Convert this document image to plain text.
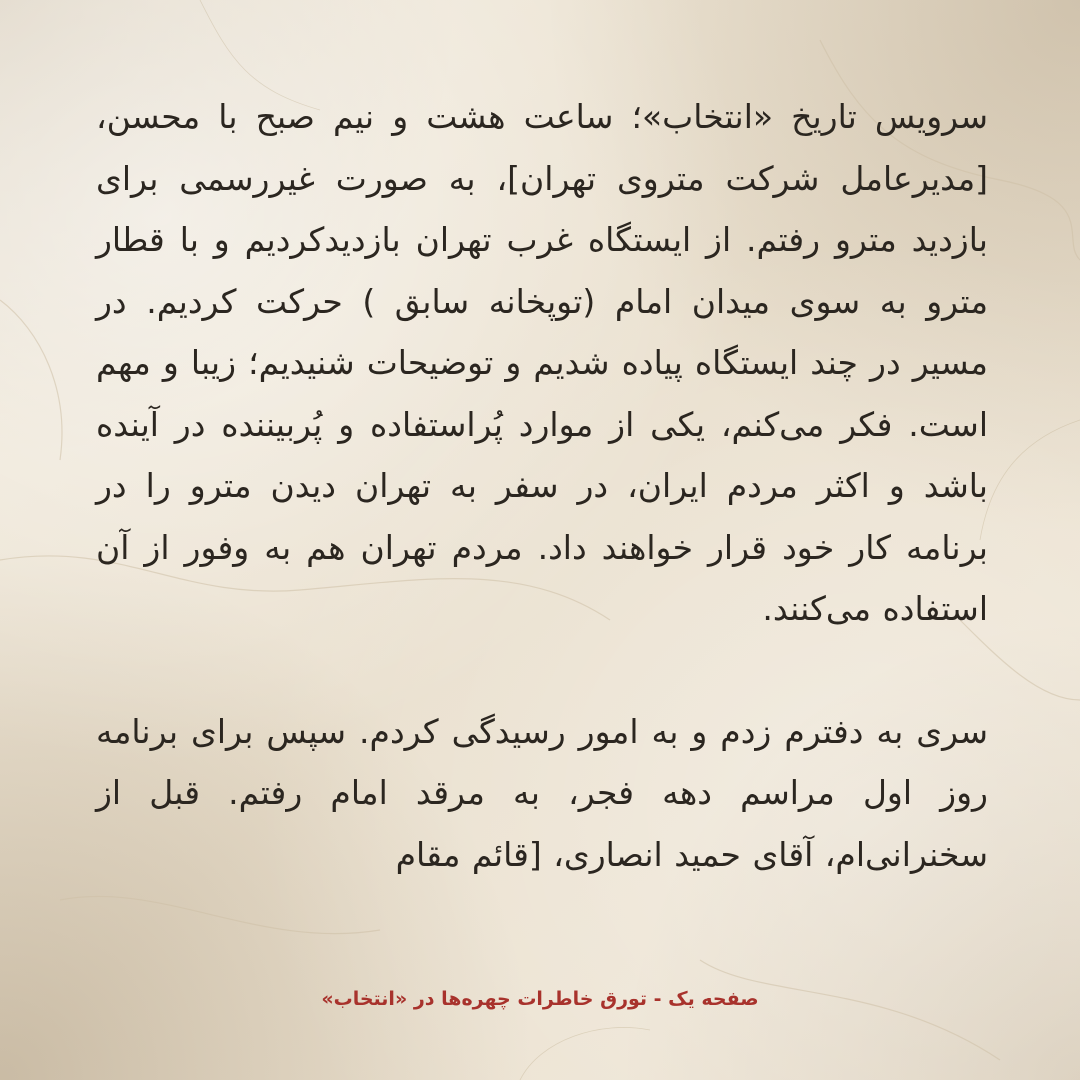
سرویس تاریخ «انتخاب»؛ ساعت هشت و نیم صبح با محسن، [مدیرعامل شرکت متروی تهران]، به صورت غیررسمی برای بازدید مترو رفتم. از ایستگاه غرب تهران بازدیدکردیم و با قطار مترو به سوی میدان امام (توپخانه سابق ) حرکت کردیم. در مسیر در چند ایستگاه پیاده شدیم و توضیحات شنیدیم؛ زیبا و مهم است. فکر می‌کنم، یکی از موارد پُراستفاده و پُربیننده در آینده باشد و اکثر مردم ایران، در سفر به تهران دیدن مترو را در برنامه کار خود قرار خواهند داد. مردم تهران هم به وفور از آن استفاده می‌کنند.

سری به دفترم زدم و به امور رسیدگی کردم. سپس برای برنامه روز اول مراسم دهه فجر، به مرقد امام رفتم. قبل از سخنرانی‌ام، آقای حمید انصاری، [قائم مقام

صفحه یک - تورق خاطرات چهره‌ها در «انتخاب»
